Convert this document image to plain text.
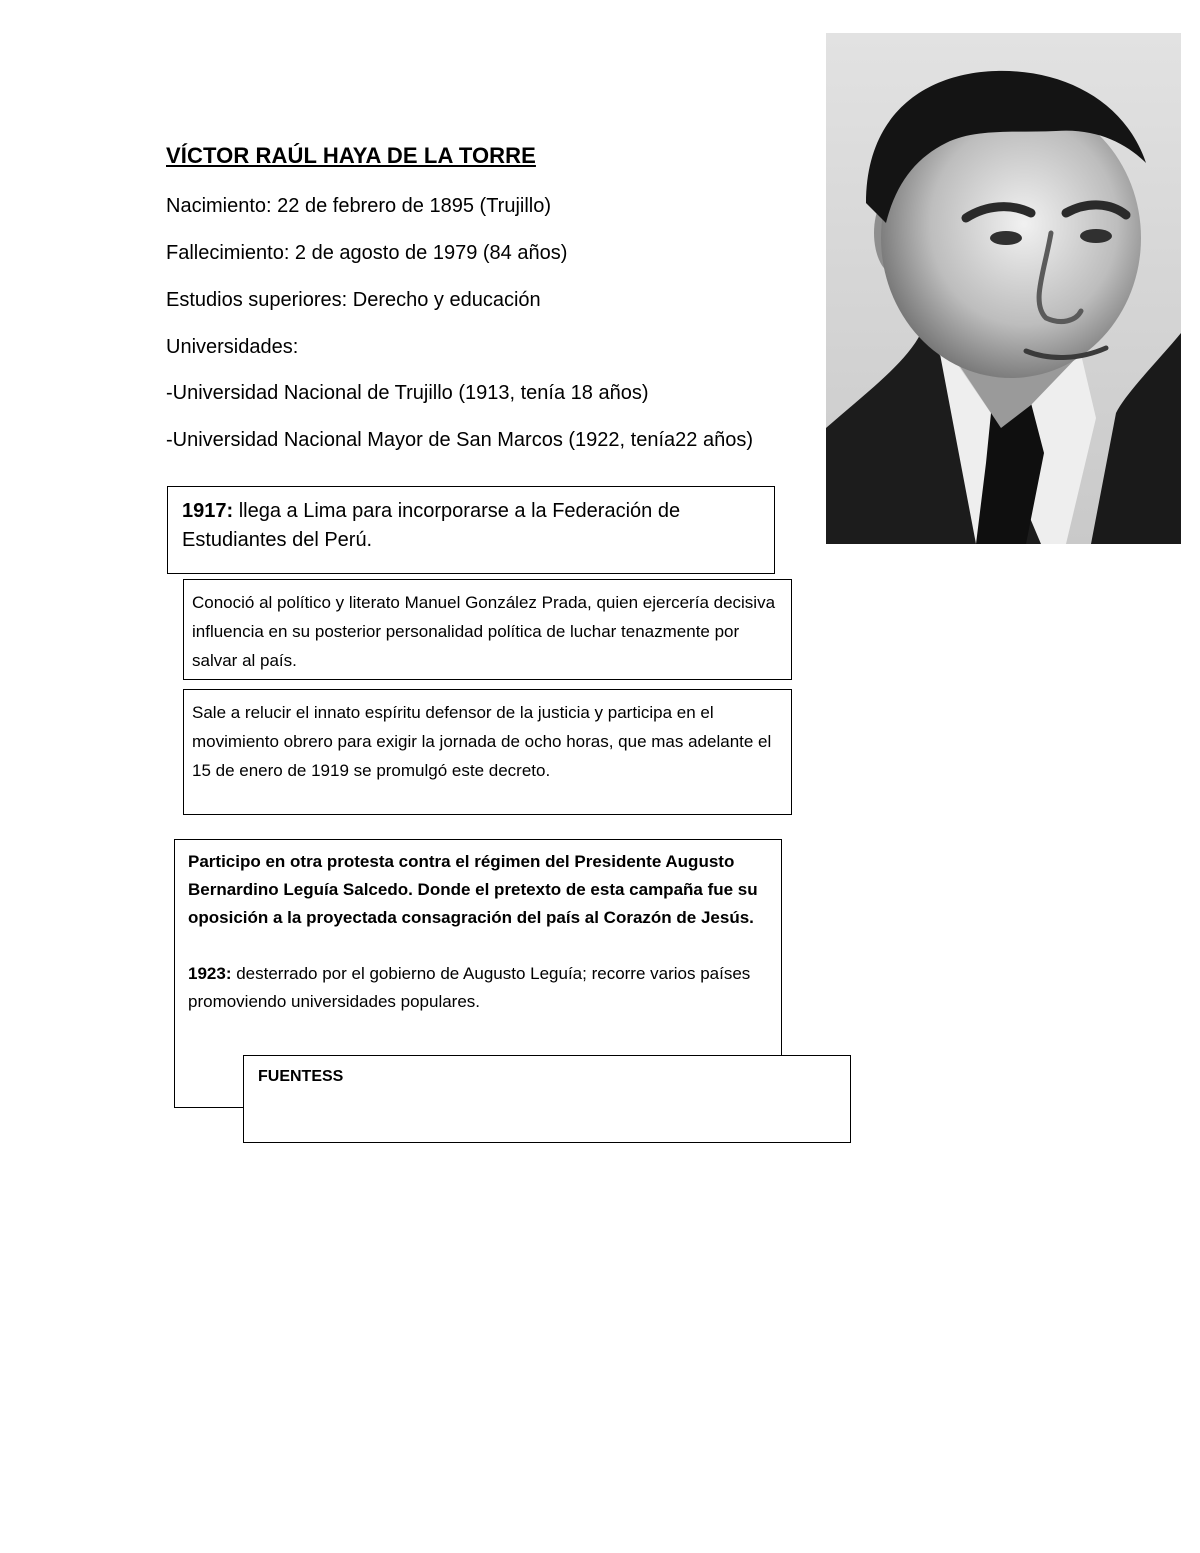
VÍCTOR RAÚL HAYA DE LA TORRE
Nacimiento: 22 de febrero de 1895 (Trujillo)
Fallecimiento: 2 de agosto de 1979 (84 años)
Estudios superiores: Derecho y educación
Universidades:
-Universidad Nacional de Trujillo (1913, tenía 18 años)
-Universidad Nacional Mayor de San Marcos (1922, tenía22 años)
1917: llega a Lima para incorporarse a la Federación de Estudiantes del Perú.
Conoció al político y literato Manuel González Prada, quien ejercería decisiva influencia en su posterior personalidad política de luchar tenazmente por salvar al país.
Sale a relucir el innato espíritu defensor de la justicia y participa en el movimiento obrero para exigir la jornada de ocho horas, que mas adelante el 15 de enero de 1919 se promulgó este decreto.
Participo en otra protesta contra el régimen del Presidente Augusto Bernardino Leguía Salcedo. Donde el pretexto de esta campaña fue su oposición a la proyectada consagración del país al Corazón de Jesús.
1923: desterrado por el gobierno de Augusto Leguía; recorre varios países promoviendo universidades populares.
FUENTESS
